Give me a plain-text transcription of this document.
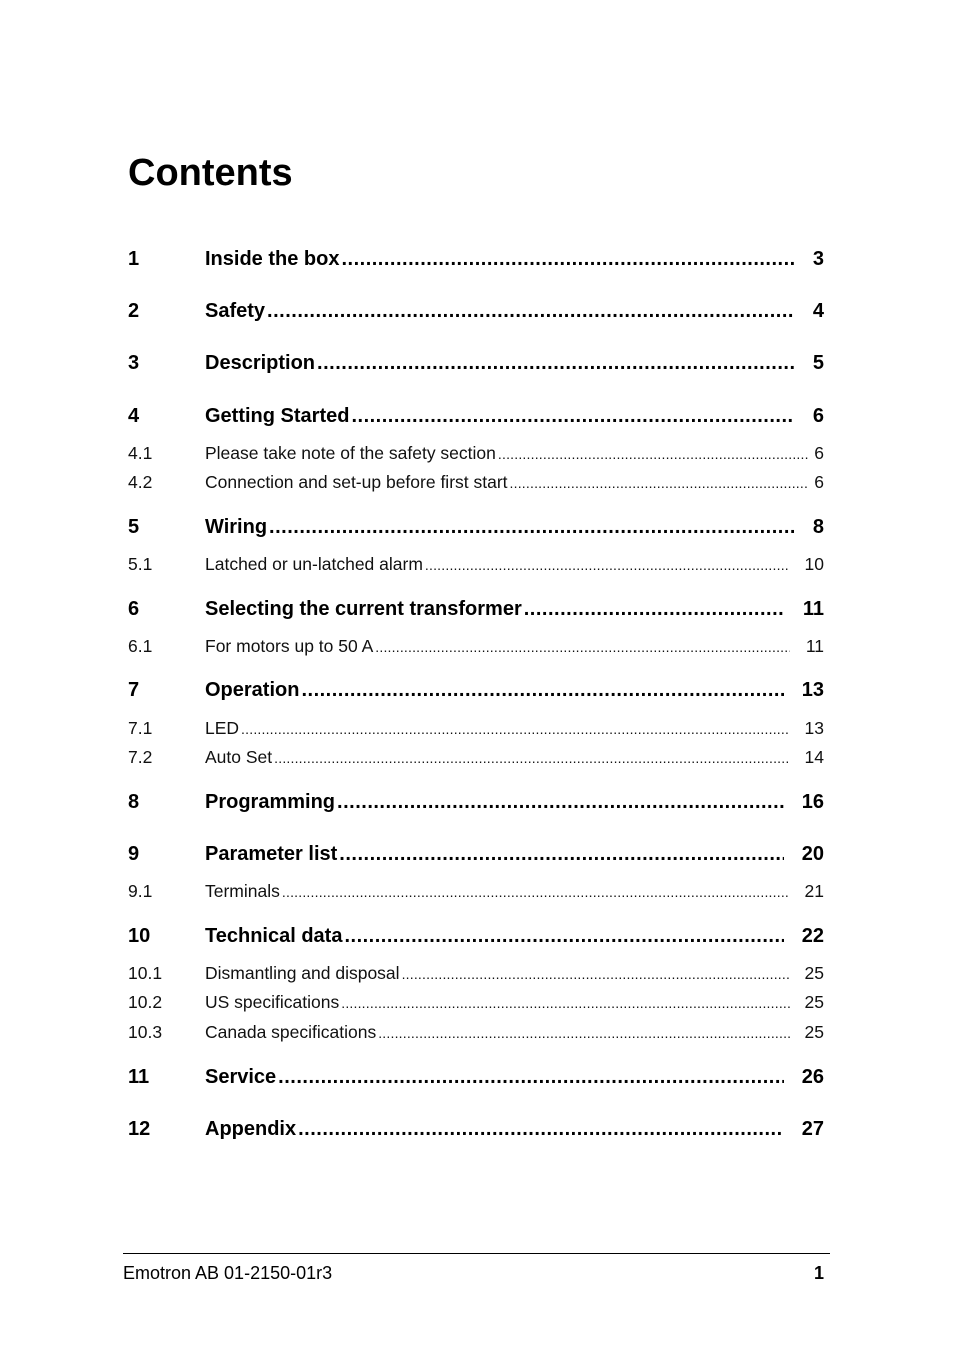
Contents
1	Inside the box .....	3
2	Safety .....	4
3	Description .....	5
4	Getting Started .....	6
4.1	Please take note of the safety section .....	6
4.2	Connection and set-up before first start .....	6
5	Wiring .....	8
5.1	Latched or un-latched alarm .....	10
6	Selecting the current transformer .....	11
6.1	For motors up to 50 A .....	11
7	Operation .....	13
7.1	LED .....	13
7.2	Auto Set .....	14
8	Programming .....	16
9	Parameter list .....	20
9.1	Terminals .....	21
10	Technical data .....	22
10.1	Dismantling and disposal .....	25
10.2	US specifications .....	25
10.3	Canada specifications .....	25
11	Service .....	26
12	Appendix .....	27
Emotron AB 01-2150-01r3	1
